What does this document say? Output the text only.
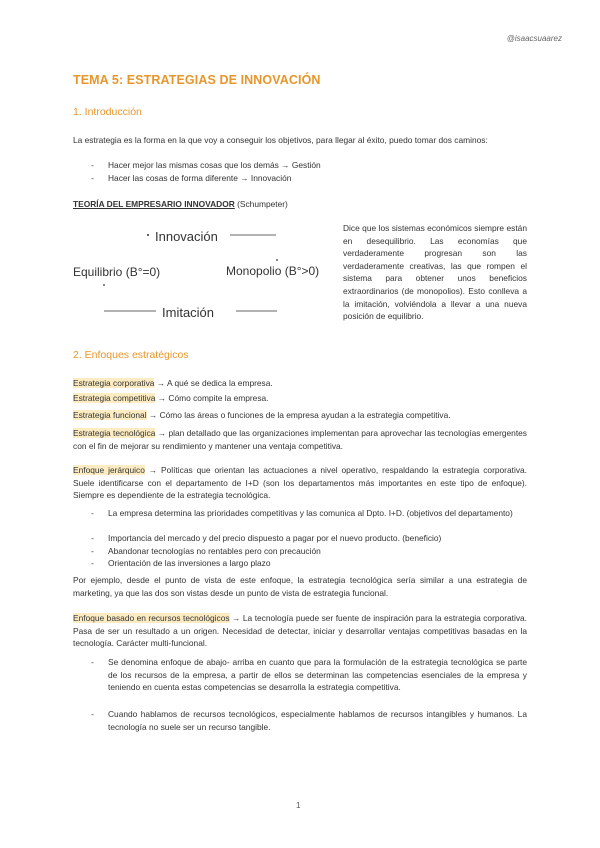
@isaacsuaarez
TEMA 5: ESTRATEGIAS DE INNOVACIÓN
1. Introducción
La estrategia es la forma en la que voy a conseguir los objetivos, para llegar al éxito, puedo tomar dos caminos:
- Hacer mejor las mismas cosas que los demás → Gestión
- Hacer las cosas de forma diferente → Innovación
TEORÍA DEL EMPRESARIO INNOVADOR (Schumpeter)
Innovación
Equilibrio (B°=0)	Monopolio (B°>0)
Imitación
Dice que los sistemas económicos siempre están en desequilibrio. Las economías que verdaderamente progresan son las verdaderamente creativas, las que rompen el sistema para obtener unos beneficios extraordinarios (de monopolios). Esto conlleva a la imitación, volviéndola a llevar a una nueva posición de equilibrio.
2. Enfoques estratégicos
Estrategia corporativa → A qué se dedica la empresa.
Estrategia competitiva → Cómo compite la empresa.
Estrategia funcional → Cómo las áreas o funciones de la empresa ayudan a la estrategia competitiva.
Estrategia tecnológica → plan detallado que las organizaciones implementan para aprovechar las tecnologías emergentes con el fin de mejorar su rendimiento y mantener una ventaja competitiva.
Enfoque jerárquico → Políticas que orientan las actuaciones a nivel operativo, respaldando la estrategia corporativa. Suele identificarse con el departamento de I+D (son los departamentos más importantes en este tipo de enfoque). Siempre es dependiente de la estrategia tecnológica.
- La empresa determina las prioridades competitivas y las comunica al Dpto. I+D. (objetivos del departamento)
- Importancia del mercado y del precio dispuesto a pagar por el nuevo producto. (beneficio)
- Abandonar tecnologías no rentables pero con precaución
- Orientación de las inversiones a largo plazo
Por ejemplo, desde el punto de vista de este enfoque, la estrategia tecnológica sería similar a una estrategia de marketing, ya que las dos son vistas desde un punto de vista de estrategia funcional.
Enfoque basado en recursos tecnológicos → La tecnología puede ser fuente de inspiración para la estrategia corporativa. Pasa de ser un resultado a un origen. Necesidad de detectar, iniciar y desarrollar ventajas competitivas basadas en la tecnología. Carácter multi-funcional.
- Se denomina enfoque de abajo- arriba en cuanto que para la formulación de la estrategia tecnológica se parte de los recursos de la empresa, a partir de ellos se determinan las competencias esenciales de la empresa y teniendo en cuenta estas competencias se desarrolla la estrategia competitiva.
- Cuando hablamos de recursos tecnológicos, especialmente hablamos de recursos intangibles y humanos. La tecnología no suele ser un recurso tangible.
1
